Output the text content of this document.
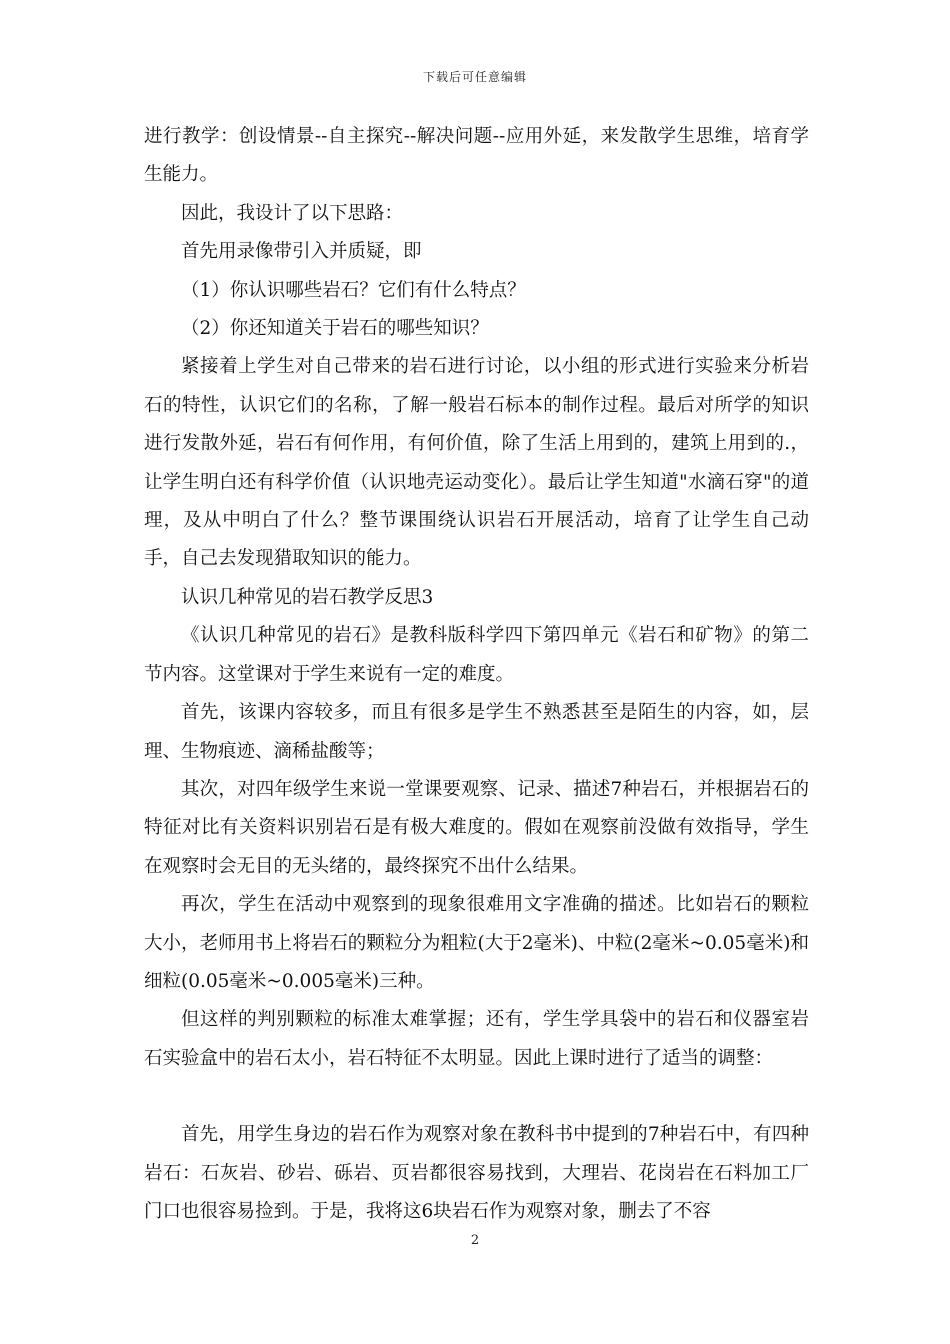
下载后可任意编辑

进行教学：创设情景--自主探究--解决问题--应用外延，来发散学生思维，培育学生能力。

因此，我设计了以下思路：

首先用录像带引入并质疑，即

（1）你认识哪些岩石？它们有什么特点？

（2）你还知道关于岩石的哪些知识？

紧接着上学生对自己带来的岩石进行讨论，以小组的形式进行实验来分析岩石的特性，认识它们的名称，了解一般岩石标本的制作过程。最后对所学的知识进行发散外延，岩石有何作用，有何价值，除了生活上用到的，建筑上用到的.，让学生明白还有科学价值（认识地壳运动变化）。最后让学生知道"水滴石穿"的道理，及从中明白了什么？整节课围绕认识岩石开展活动，培育了让学生自己动手，自己去发现猎取知识的能力。

认识几种常见的岩石教学反思3

《认识几种常见的岩石》是教科版科学四下第四单元《岩石和矿物》的第二节内容。这堂课对于学生来说有一定的难度。

首先，该课内容较多，而且有很多是学生不熟悉甚至是陌生的内容，如，层理、生物痕迹、滴稀盐酸等；

其次，对四年级学生来说一堂课要观察、记录、描述7种岩石，并根据岩石的特征对比有关资料识别岩石是有极大难度的。假如在观察前没做有效指导，学生在观察时会无目的无头绪的，最终探究不出什么结果。

再次，学生在活动中观察到的现象很难用文字准确的描述。比如岩石的颗粒大小，老师用书上将岩石的颗粒分为粗粒(大于2毫米)、中粒(2毫米~0.05毫米)和细粒(0.05毫米~0.005毫米)三种。

但这样的判别颗粒的标准太难掌握；还有，学生学具袋中的岩石和仪器室岩石实验盒中的岩石太小，岩石特征不太明显。因此上课时进行了适当的调整：

首先，用学生身边的岩石作为观察对象在教科书中提到的7种岩石中，有四种岩石：石灰岩、砂岩、砾岩、页岩都很容易找到，大理岩、花岗岩在石料加工厂门口也很容易捡到。于是，我将这6块岩石作为观察对象，删去了不容

2
